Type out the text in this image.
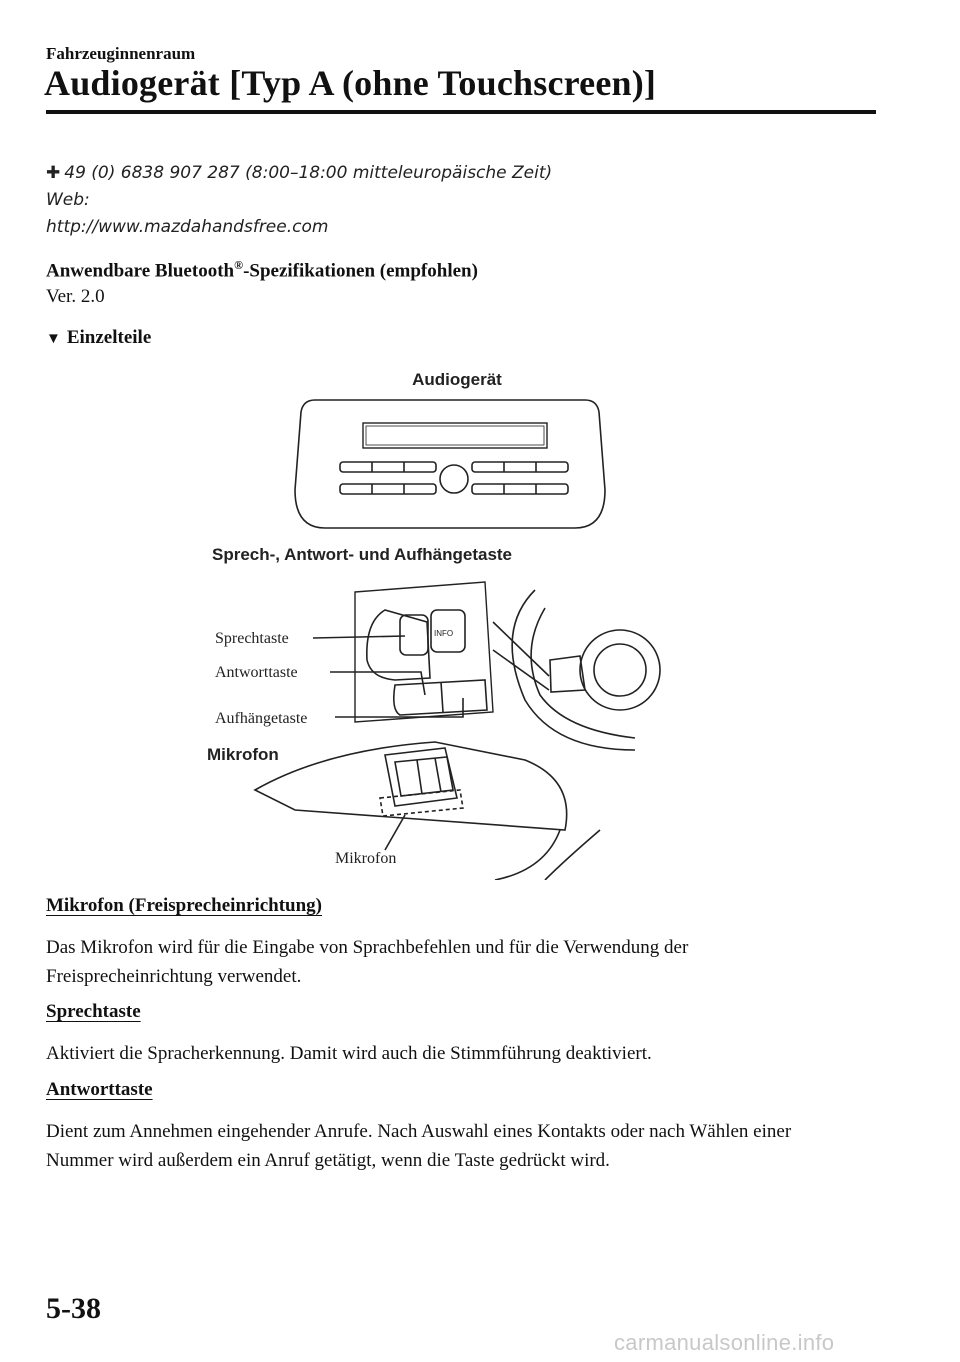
Fahrzeuginnenraum
Audiogerät [Typ A (ohne Touchscreen)]
✚ 49 (0) 6838 907 287 (8:00–18:00 mitteleuropäische Zeit)
Web:
http://www.mazdahandsfree.com
Anwendbare Bluetooth®-Spezifikationen (empfohlen)
Ver. 2.0
▼ Einzelteile
INFO
Audiogerät
Sprech-, Antwort- und Aufhängetaste
Sprechtaste
Antworttaste
Aufhängetaste
Mikrofon
Mikrofon
Mikrofon (Freisprecheinrichtung)
Das Mikrofon wird für die Eingabe von Sprachbefehlen und für die Verwendung der Freisprecheinrichtung verwendet.
Sprechtaste
Aktiviert die Spracherkennung. Damit wird auch die Stimmführung deaktiviert.
Antworttaste
Dient zum Annehmen eingehender Anrufe. Nach Auswahl eines Kontakts oder nach Wählen einer Nummer wird außerdem ein Anruf getätigt, wenn die Taste gedrückt wird.
5-38
carmanualsonline.info
